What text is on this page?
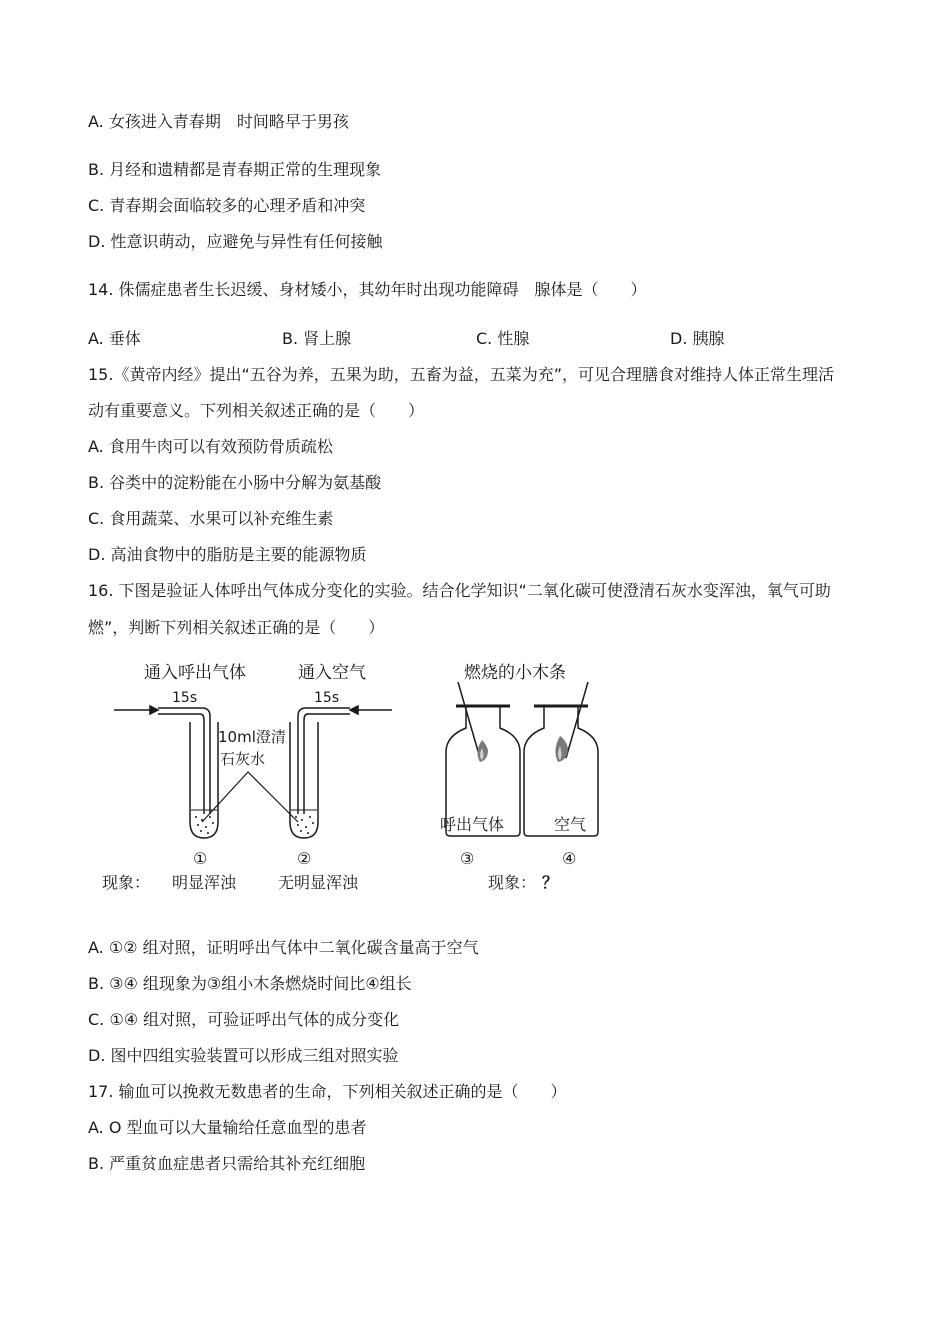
A. 女孩进入青春期　时间略早于男孩
B. 月经和遗精都是青春期正常的生理现象
C. 青春期会面临较多的心理矛盾和冲突
D. 性意识萌动，应避免与异性有任何接触
14. 侏儒症患者生长迟缓、身材矮小，其幼年时出现功能障碍　腺体是（　　）
A. 垂体	B. 肾上腺	C. 性腺	D. 胰腺
15.《黄帝内经》提出“五谷为养，五果为助，五畜为益，五菜为充”，可见合理膳食对维持人体正常生理活
动有重要意义。下列相关叙述正确的是（　　）
A. 食用牛肉可以有效预防骨质疏松
B. 谷类中的淀粉能在小肠中分解为氨基酸
C. 食用蔬菜、水果可以补充维生素
D. 高油食物中的脂肪是主要的能源物质
16. 下图是验证人体呼出气体成分变化的实验。结合化学知识“二氧化碳可使澄清石灰水变浑浊，氧气可助
燃”，判断下列相关叙述正确的是（　　）
通入呼出气体	通入空气
15s	15s
10ml澄清
石灰水
①	②
现象： 明显浑浊	无明显浑浊
燃烧的小木条
呼出气体	空气
③	④
现象： ？
A. ①② 组对照，证明呼出气体中二氧化碳含量高于空气
B. ③④ 组现象为③组小木条燃烧时间比④组长
C. ①④ 组对照，可验证呼出气体的成分变化
D. 图中四组实验装置可以形成三组对照实验
17. 输血可以挽救无数患者的生命，下列相关叙述正确的是（　　）
A. O 型血可以大量输给任意血型的患者
B. 严重贫血症患者只需给其补充红细胞
